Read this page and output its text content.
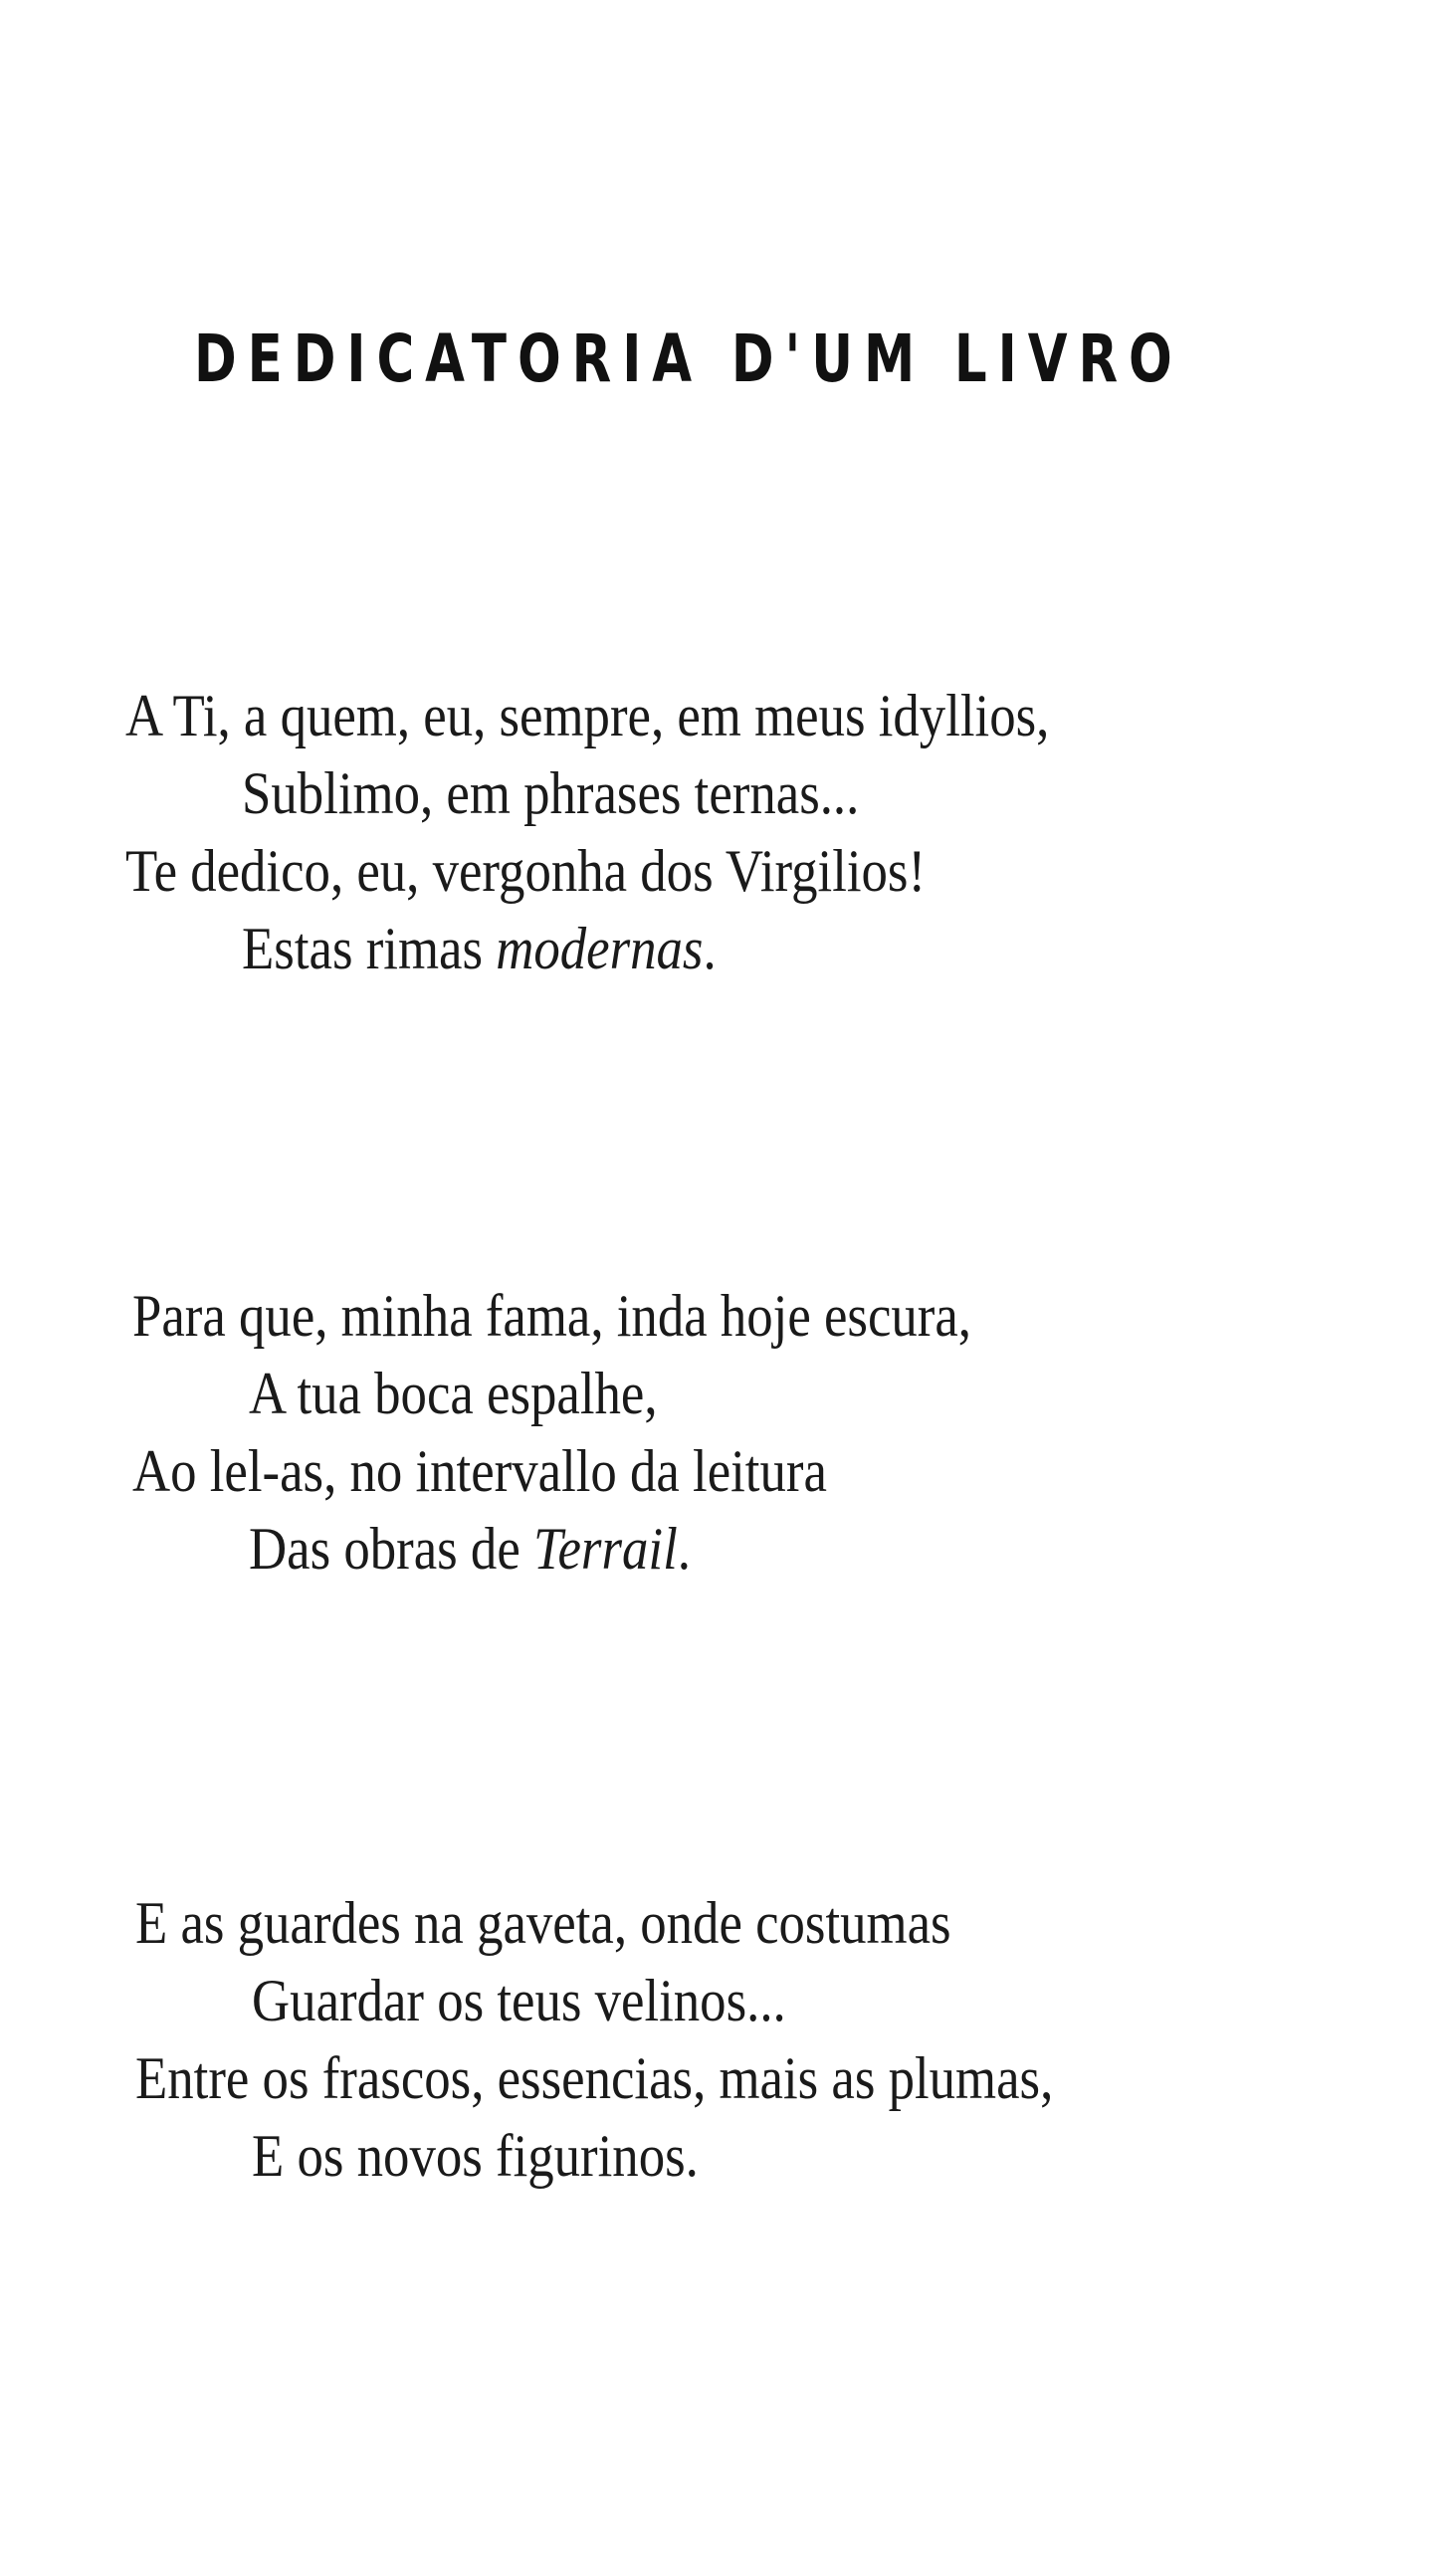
DEDICATORIA D'UM LIVRO
A Ti, a quem, eu, sempre, em meus idyllios,
Sublimo, em phrases ternas...
Te dedico, eu, vergonha dos Virgilios!
Estas rimas modernas.
Para que, minha fama, inda hoje escura,
A tua boca espalhe,
Ao lel-as, no intervallo da leitura
Das obras de Terrail.
E as guardes na gaveta, onde costumas
Guardar os teus velinos...
Entre os frascos, essencias, mais as plumas,
E os novos figurinos.
